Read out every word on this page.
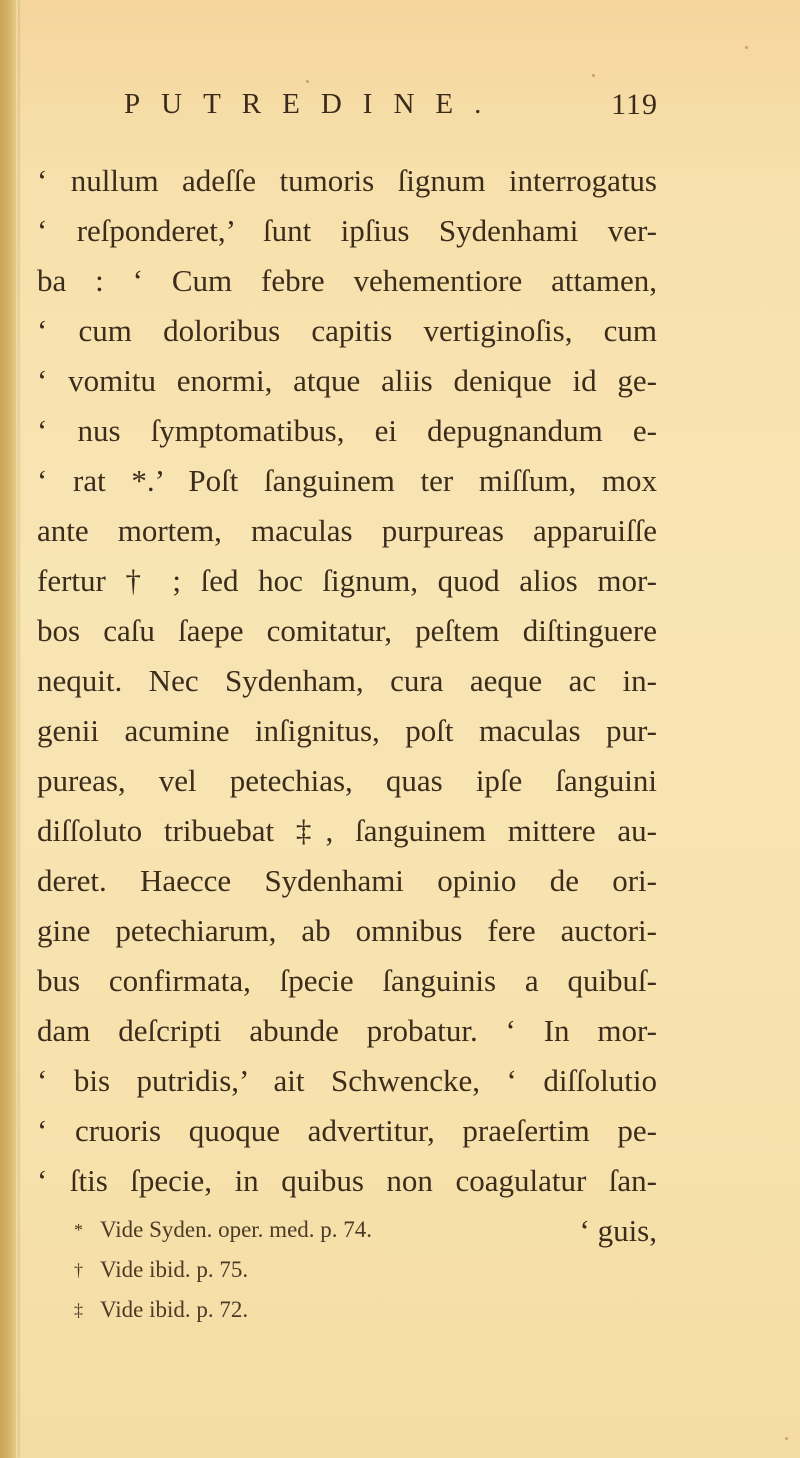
PUTREDINE.	119
‘ nullum adeſſe tumoris ſignum interrogatus
‘ reſponderet,’ ſunt ipſius Sydenhami ver-
ba : ‘ Cum febre vehementiore attamen,
‘ cum doloribus capitis vertiginoſis, cum
‘ vomitu enormi, atque aliis denique id ge-
‘ nus ſymptomatibus, ei depugnandum e-
‘ rat *.’ Poſt ſanguinem ter miſſum, mox
ante mortem, maculas purpureas apparuiſſe
fertur † ; ſed hoc ſignum, quod alios mor-
bos caſu ſaepe comitatur, peſtem diſtinguere
nequit. Nec Sydenham, cura aeque ac in-
genii acumine inſignitus, poſt maculas pur-
pureas, vel petechias, quas ipſe ſanguini
diſſoluto tribuebat ‡, ſanguinem mittere au-
deret. Haecce Sydenhami opinio de ori-
gine petechiarum, ab omnibus fere auctori-
bus confirmata, ſpecie ſanguinis a quibuſ-
dam deſcripti abunde probatur. ‘ In mor-
‘ bis putridis,’ ait Schwencke, ‘ diſſolutio
‘ cruoris quoque advertitur, praeſertim pe-
‘ ſtis ſpecie, in quibus non coagulatur ſan-
‘ guis,
* Vide Syden. oper. med. p. 74.
† Vide ibid. p. 75.
‡ Vide ibid. p. 72.
